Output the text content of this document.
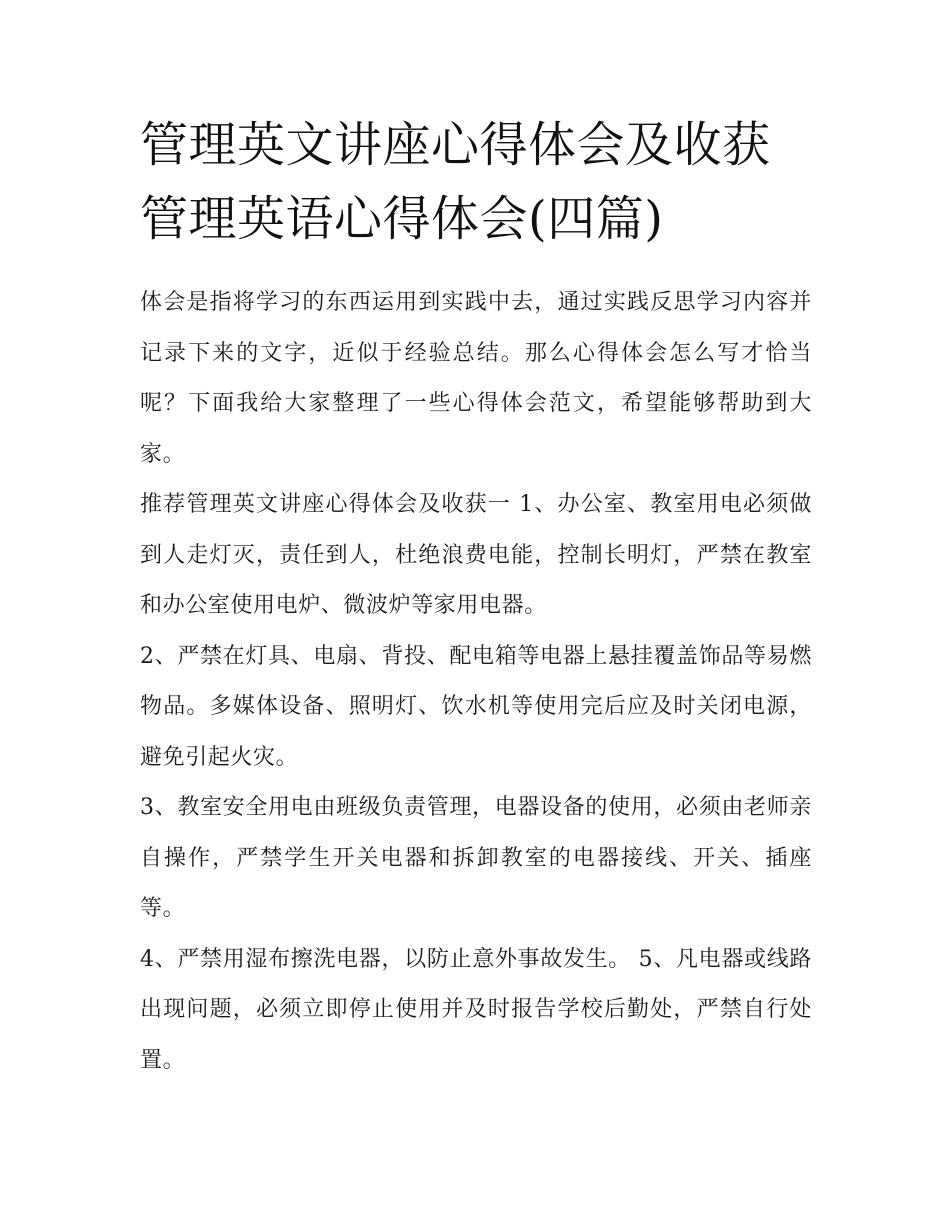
管理英文讲座心得体会及收获管理英语心得体会(四篇)

体会是指将学习的东西运用到实践中去，通过实践反思学习内容并记录下来的文字，近似于经验总结。那么心得体会怎么写才恰当呢？下面我给大家整理了一些心得体会范文，希望能够帮助到大家。

推荐管理英文讲座心得体会及收获一 1、办公室、教室用电必须做到人走灯灭，责任到人，杜绝浪费电能，控制长明灯，严禁在教室和办公室使用电炉、微波炉等家用电器。

2、严禁在灯具、电扇、背投、配电箱等电器上悬挂覆盖饰品等易燃物品。多媒体设备、照明灯、饮水机等使用完后应及时关闭电源，避免引起火灾。

3、教室安全用电由班级负责管理，电器设备的使用，必须由老师亲自操作，严禁学生开关电器和拆卸教室的电器接线、开关、插座等。

4、严禁用湿布擦洗电器，以防止意外事故发生。 5、凡电器或线路出现问题，必须立即停止使用并及时报告学校后勤处，严禁自行处置。
